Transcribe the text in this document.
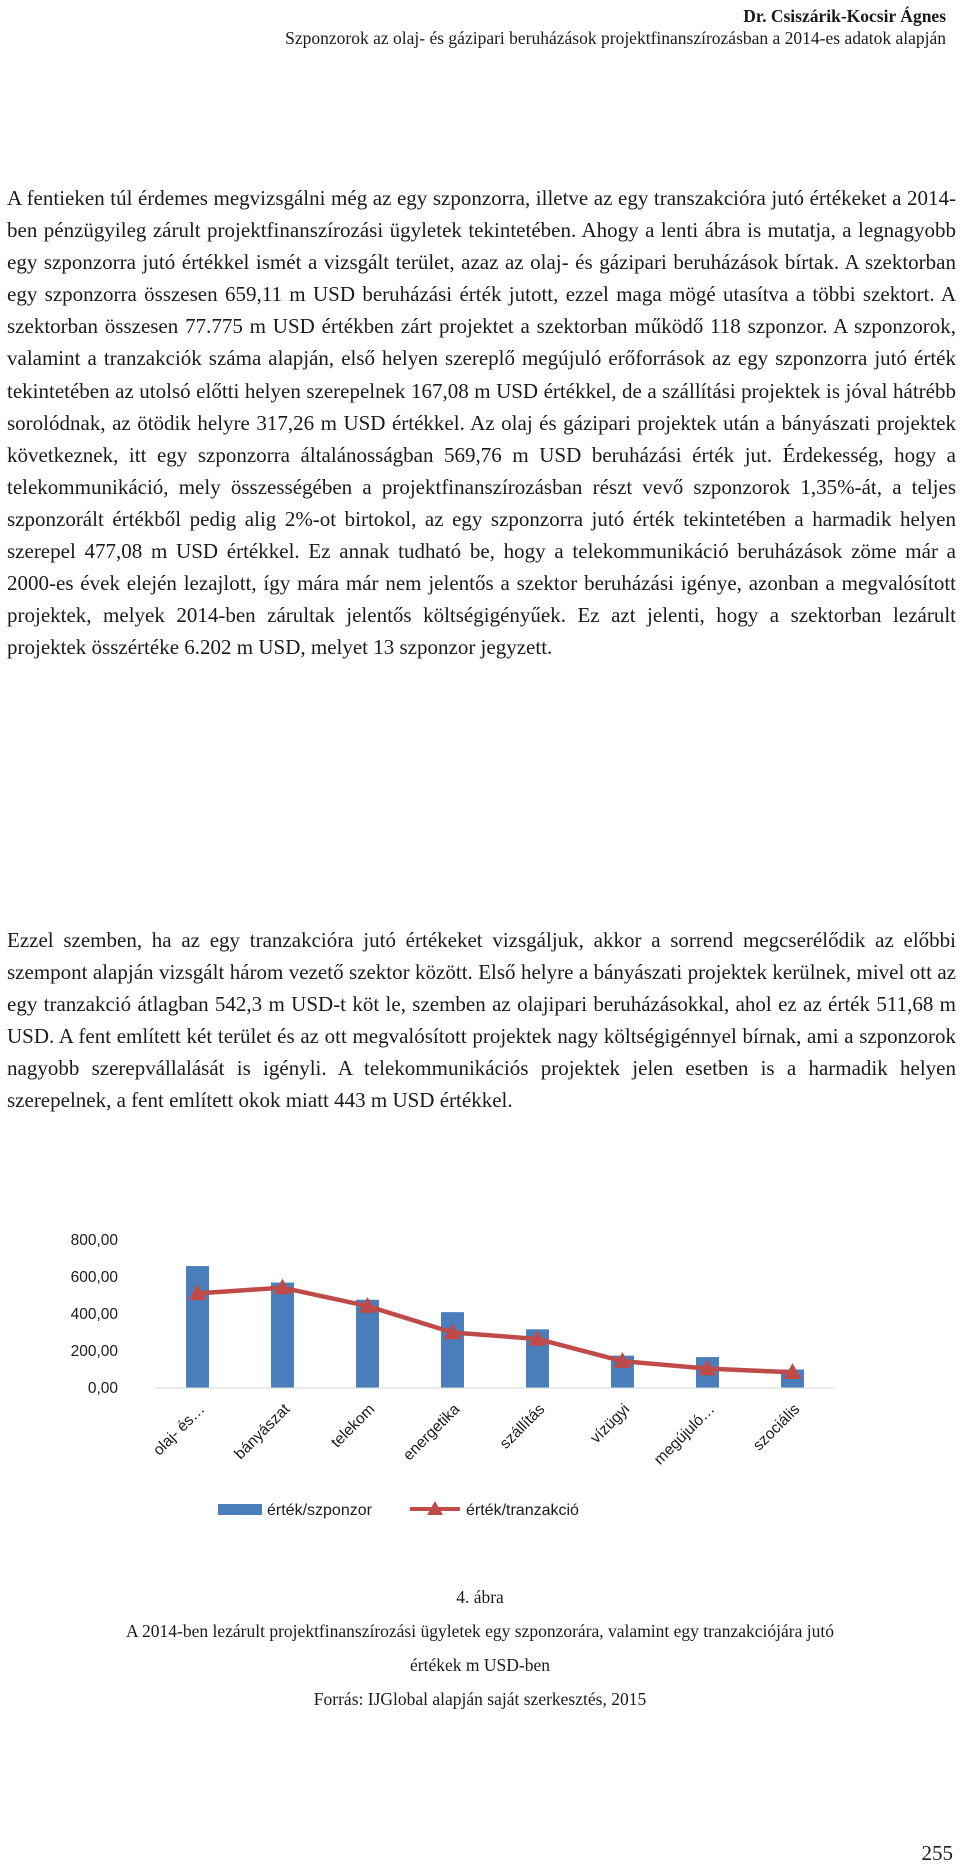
Dr. Csiszárik-Kocsir Ágnes
Szponzorok az olaj- és gázipari beruházások projektfinanszírozásban a 2014-es adatok alapján

A fentieken túl érdemes megvizsgálni még az egy szponzorra, illetve az egy transzakcióra jutó értékeket a 2014-ben pénzügyileg zárult projektfinanszírozási ügyletek tekintetében. Ahogy a lenti ábra is mutatja, a legnagyobb egy szponzorra jutó értékkel ismét a vizsgált terület, azaz az olaj- és gázipari beruházások bírtak. A szektorban egy szponzorra összesen 659,11 m USD beruházási érték jutott, ezzel maga mögé utasítva a többi szektort. A szektorban összesen 77.775 m USD értékben zárt projektet a szektorban működő 118 szponzor. A szponzorok, valamint a tranzakciók száma alapján, első helyen szereplő megújuló erőforrások az egy szponzorra jutó érték tekintetében az utolsó előtti helyen szerepelnek 167,08 m USD értékkel, de a szállítási projektek is jóval hátrébb sorolódnak, az ötödik helyre 317,26 m USD értékkel. Az olaj és gázipari projektek után a bányászati projektek következnek, itt egy szponzorra általánosságban 569,76 m USD beruházási érték jut. Érdekesség, hogy a telekommunikáció, mely összességében a projektfinanszírozásban részt vevő szponzorok 1,35%-át, a teljes szponzorált értékből pedig alig 2%-ot birtokol, az egy szponzorra jutó érték tekintetében a harmadik helyen szerepel 477,08 m USD értékkel. Ez annak tudható be, hogy a telekommunikáció beruházások zöme már a 2000-es évek elején lezajlott, így mára már nem jelentős a szektor beruházási igénye, azonban a megvalósított projektek, melyek 2014-ben zárultak jelentős költségigényűek. Ez azt jelenti, hogy a szektorban lezárult projektek összértéke 6.202 m USD, melyet 13 szponzor jegyzett.

Ezzel szemben, ha az egy tranzakcióra jutó értékeket vizsgáljuk, akkor a sorrend megcserélődik az előbbi szempont alapján vizsgált három vezető szektor között. Első helyre a bányászati projektek kerülnek, mivel ott az egy tranzakció átlagban 542,3 m USD-t köt le, szemben az olajipari beruházásokkal, ahol ez az érték 511,68 m USD. A fent említett két terület és az ott megvalósított projektek nagy költségigénnyel bírnak, ami a szponzorok nagyobb szerepvállalását is igényli. A telekommunikációs projektek jelen esetben is a harmadik helyen szerepelnek, a fent említett okok miatt 443 m USD értékkel.

0,00
200,00
400,00
600,00
800,00
olaj- és… bányászat telekom energetika szállítás	vízügyi megújuló… szociális
érték/szponzor	érték/tranzakció
4. ábra
A 2014-ben lezárult projektfinanszírozási ügyletek egy szponzorára, valamint egy tranzakciójára jutó
értékek m USD-ben
Forrás: IJGlobal alapján saját szerkesztés, 2015
255
